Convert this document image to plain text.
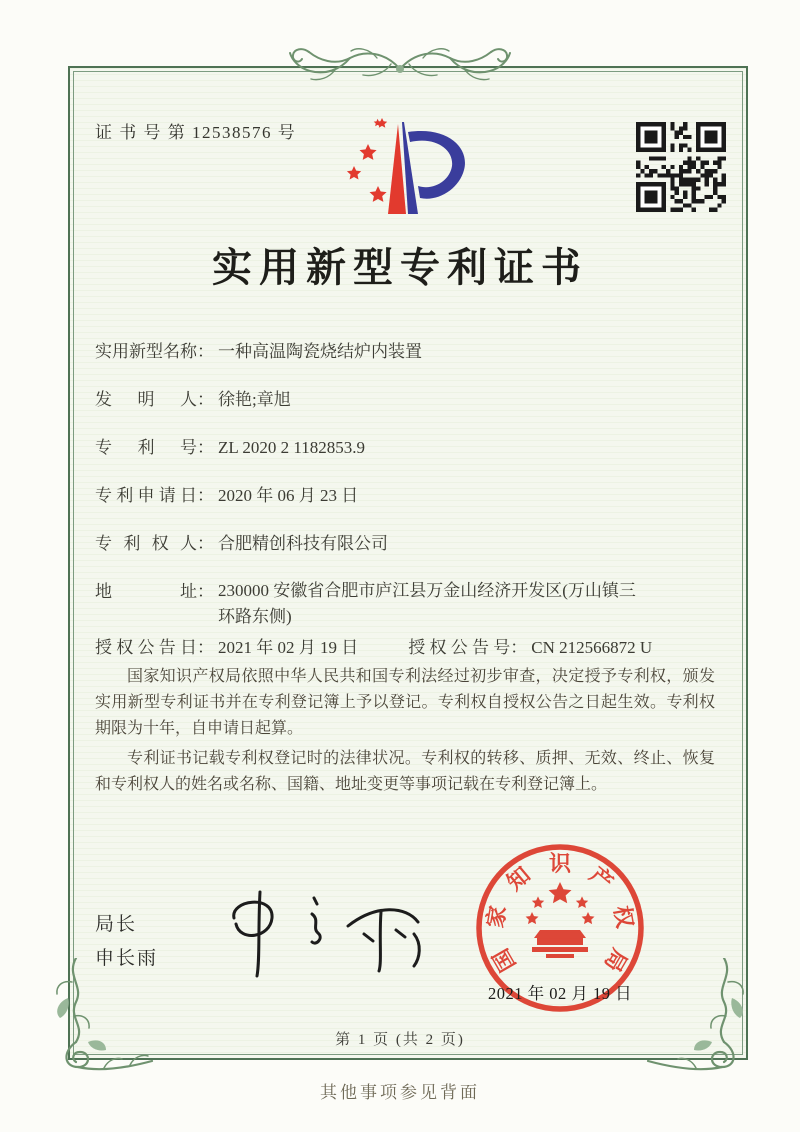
证 书 号 第 12538576 号
实用新型专利证书
实用新型名称： 一种高温陶瓷烧结炉内装置
发明人： 徐艳;章旭
专利号： ZL 2020 2 1182853.9
专利申请日： 2020 年 06 月 23 日
专利权人： 合肥精创科技有限公司
地址： 230000 安徽省合肥市庐江县万金山经济开发区(万山镇三环路东侧)
授权公告日： 2021 年 02 月 19 日	授权公告号： CN 212566872 U

国家知识产权局依照中华人民共和国专利法经过初步审查，决定授予专利权，颁发实用新型专利证书并在专利登记簿上予以登记。专利权自授权公告之日起生效。专利权期限为十年，自申请日起算。

专利证书记载专利权登记时的法律状况。专利权的转移、质押、无效、终止、恢复和专利权人的姓名或名称、国籍、地址变更等事项记载在专利登记簿上。

局长
申长雨	国
家
知 识 产
权
局
2021 年 02 月 19 日
第 1 页 (共 2 页)
其他事项参见背面
